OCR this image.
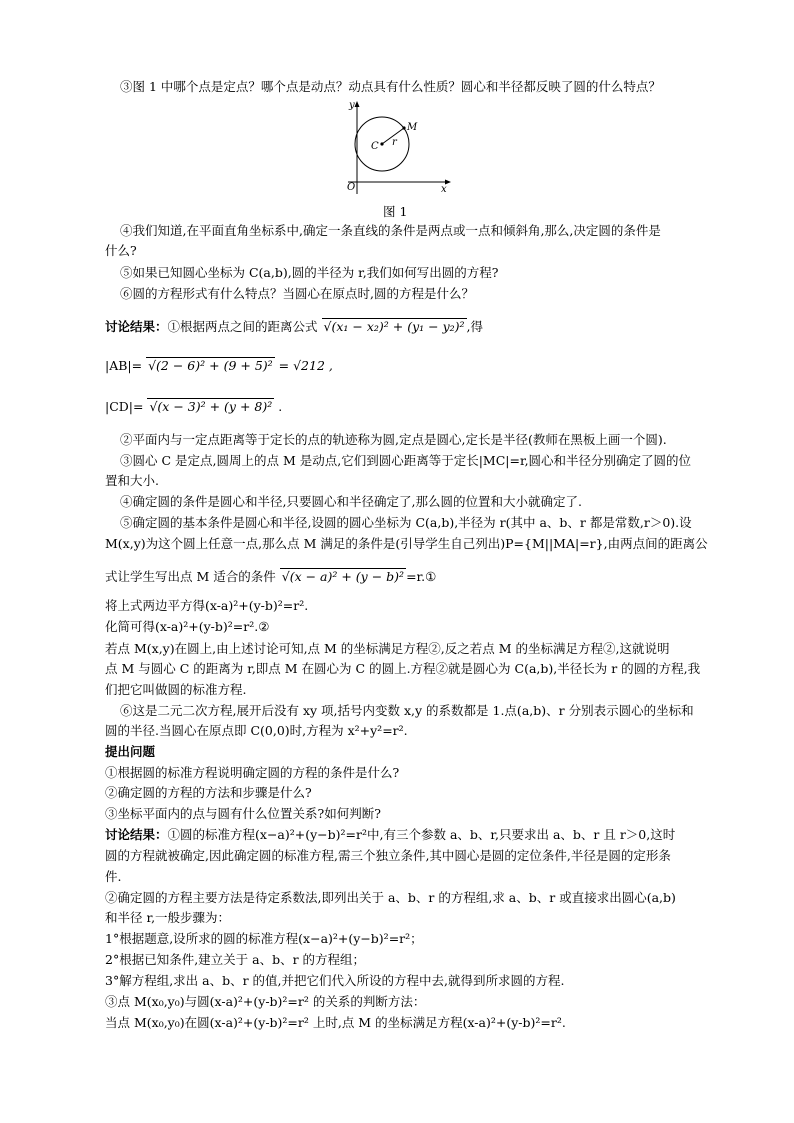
③图 1 中哪个点是定点？哪个点是动点？动点具有什么性质？圆心和半径都反映了圆的什么特点？
y
x
O
C r
M
图 1
④我们知道,在平面直角坐标系中,确定一条直线的条件是两点或一点和倾斜角,那么,决定圆的条件是
什么?
⑤如果已知圆心坐标为 C(a,b),圆的半径为 r,我们如何写出圆的方程?
⑥圆的方程形式有什么特点？当圆心在原点时,圆的方程是什么？
讨论结果：①根据两点之间的距离公式 √(x₁ − x₂)² + (y₁ − y₂)² ,得
|AB|= √(2 − 6)² + (9 + 5)² = √212 ,
|CD|= √(x − 3)² + (y + 8)² .
②平面内与一定点距离等于定长的点的轨迹称为圆,定点是圆心,定长是半径(教师在黑板上画一个圆).
③圆心 C 是定点,圆周上的点 M 是动点,它们到圆心距离等于定长|MC|=r,圆心和半径分别确定了圆的位
置和大小.
④确定圆的条件是圆心和半径,只要圆心和半径确定了,那么圆的位置和大小就确定了.
⑤确定圆的基本条件是圆心和半径,设圆的圆心坐标为 C(a,b),半径为 r(其中 a、b、r 都是常数,r＞0).设
M(x,y)为这个圆上任意一点,那么点 M 满足的条件是(引导学生自己列出)P={M||MA|=r},由两点间的距离公
式让学生写出点 M 适合的条件 √(x − a)² + (y − b)² =r.①
将上式两边平方得(x-a)²+(y-b)²=r².
化简可得(x-a)²+(y-b)²=r².②
若点 M(x,y)在圆上,由上述讨论可知,点 M 的坐标满足方程②,反之若点 M 的坐标满足方程②,这就说明
点 M 与圆心 C 的距离为 r,即点 M 在圆心为 C 的圆上.方程②就是圆心为 C(a,b),半径长为 r 的圆的方程,我
们把它叫做圆的标准方程.
⑥这是二元二次方程,展开后没有 xy 项,括号内变数 x,y 的系数都是 1.点(a,b)、r 分别表示圆心的坐标和
圆的半径.当圆心在原点即 C(0,0)时,方程为 x²+y²=r².
提出问题
①根据圆的标准方程说明确定圆的方程的条件是什么?
②确定圆的方程的方法和步骤是什么?
③坐标平面内的点与圆有什么位置关系?如何判断?
讨论结果：①圆的标准方程(x−a)²+(y−b)²=r²中,有三个参数 a、b、r,只要求出 a、b、r 且 r＞0,这时
圆的方程就被确定,因此确定圆的标准方程,需三个独立条件,其中圆心是圆的定位条件,半径是圆的定形条
件.
②确定圆的方程主要方法是待定系数法,即列出关于 a、b、r 的方程组,求 a、b、r 或直接求出圆心(a,b)
和半径 r,一般步骤为：
1°根据题意,设所求的圆的标准方程(x−a)²+(y−b)²=r²；
2°根据已知条件,建立关于 a、b、r 的方程组；
3°解方程组,求出 a、b、r 的值,并把它们代入所设的方程中去,就得到所求圆的方程.
③点 M(x₀,y₀)与圆(x-a)²+(y-b)²=r² 的关系的判断方法：
当点 M(x₀,y₀)在圆(x-a)²+(y-b)²=r² 上时,点 M 的坐标满足方程(x-a)²+(y-b)²=r².
